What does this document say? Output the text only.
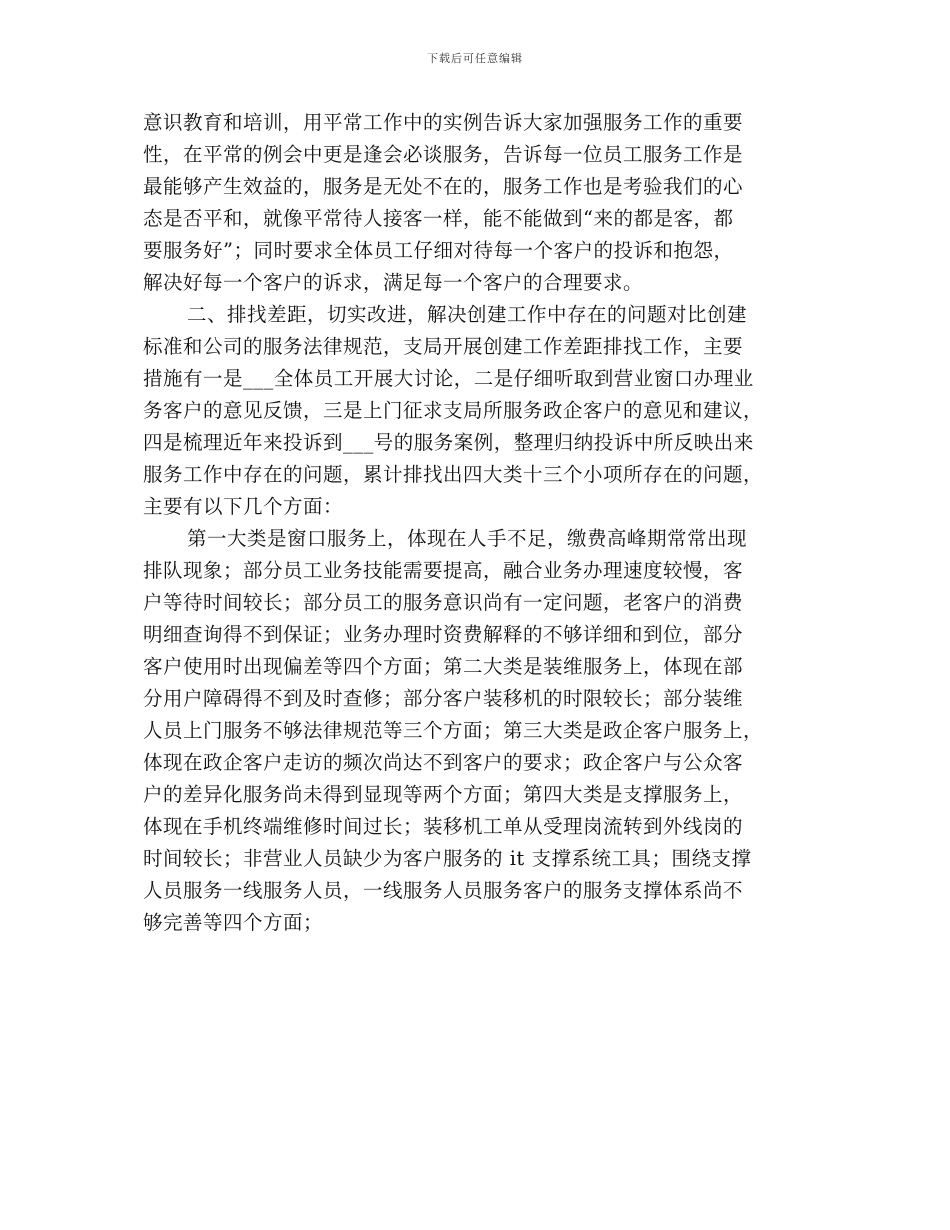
下载后可任意编辑
意识教育和培训，用平常工作中的实例告诉大家加强服务工作的重要
性，在平常的例会中更是逢会必谈服务，告诉每一位员工服务工作是
最能够产生效益的，服务是无处不在的，服务工作也是考验我们的心
态是否平和，就像平常待人接客一样，能不能做到“来的都是客，都
要服务好”；同时要求全体员工仔细对待每一个客户的投诉和抱怨，
解决好每一个客户的诉求，满足每一个客户的合理要求。
二、排找差距，切实改进，解决创建工作中存在的问题对比创建
标准和公司的服务法律规范，支局开展创建工作差距排找工作，主要
措施有一是___全体员工开展大讨论，二是仔细听取到营业窗口办理业
务客户的意见反馈，三是上门征求支局所服务政企客户的意见和建议，
四是梳理近年来投诉到___号的服务案例，整理归纳投诉中所反映出来
服务工作中存在的问题，累计排找出四大类十三个小项所存在的问题，
主要有以下几个方面：
第一大类是窗口服务上，体现在人手不足，缴费高峰期常常出现
排队现象；部分员工业务技能需要提高，融合业务办理速度较慢，客
户等待时间较长；部分员工的服务意识尚有一定问题，老客户的消费
明细查询得不到保证；业务办理时资费解释的不够详细和到位，部分
客户使用时出现偏差等四个方面；第二大类是装维服务上，体现在部
分用户障碍得不到及时查修；部分客户装移机的时限较长；部分装维
人员上门服务不够法律规范等三个方面；第三大类是政企客户服务上，
体现在政企客户走访的频次尚达不到客户的要求；政企客户与公众客
户的差异化服务尚未得到显现等两个方面；第四大类是支撑服务上，
体现在手机终端维修时间过长；装移机工单从受理岗流转到外线岗的
时间较长；非营业人员缺少为客户服务的 it 支撑系统工具；围绕支撑
人员服务一线服务人员，一线服务人员服务客户的服务支撑体系尚不
够完善等四个方面；
